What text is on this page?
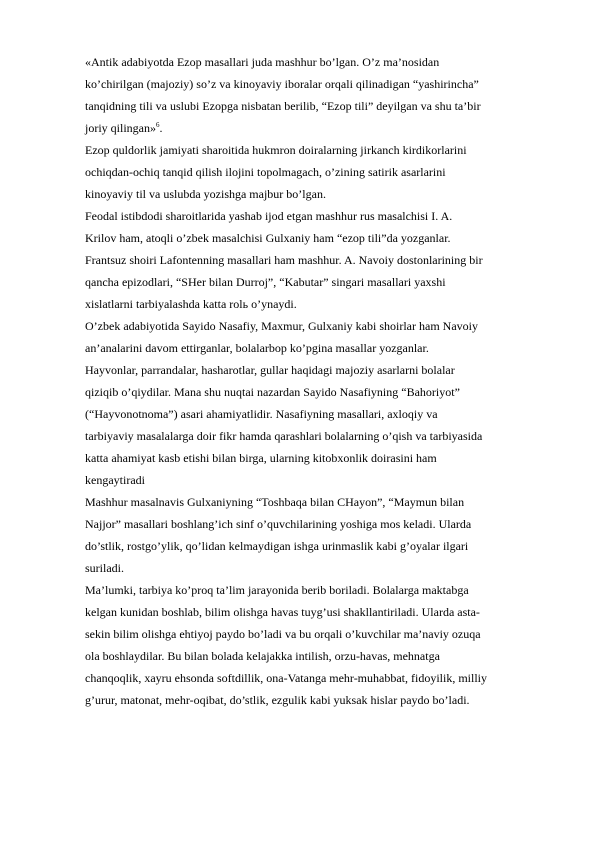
«Antik adabiyotda Ezop masallari juda mashhur bo’lgan. O’z ma’nosidan
ko’chirilgan (majoziy) so’z va kinoyaviy iboralar orqali qilinadigan “yashirincha”
tanqidning tili va uslubi Ezopga nisbatan berilib, “Ezop tili” deyilgan va shu ta’bir
joriy qilingan»$^6$.
Ezop quldorlik jamiyati sharoitida hukmron doiralarning jirkanch kirdikorlarini
ochiqdan-ochiq tanqid qilish ilojini topolmagach, o’zining satirik asarlarini
kinoyaviy til va uslubda yozishga majbur bo’lgan.
Feodal istibdodi sharoitlarida yashab ijod etgan mashhur rus masalchisi I. A.
Krilov ham, atoqli o’zbek masalchisi Gulxaniy ham “ezop tili”da yozganlar.
Frantsuz shoiri Lafontenning masallari ham mashhur. A. Navoiy dostonlarining bir
qancha epizodlari, “SHer bilan Durroj”, “Kabutar” singari masallari yaxshi
xislatlarni tarbiyalashda katta rolь o’ynaydi.
O’zbek adabiyotida Sayido Nasafiy, Maxmur, Gulxaniy kabi shoirlar ham Navoiy
an’analarini davom ettirganlar, bolalarbop ko’pgina masallar yozganlar.
Hayvonlar, parrandalar, hasharotlar, gullar haqidagi majoziy asarlarni bolalar
qiziqib o’qiydilar. Mana shu nuqtai nazardan Sayido Nasafiyning “Bahoriyot”
(“Hayvonotnoma”) asari ahamiyatlidir. Nasafiyning masallari, axloqiy va
tarbiyaviy masalalarga doir fikr hamda qarashlari bolalarning o’qish va tarbiyasida
katta ahamiyat kasb etishi bilan birga, ularning kitobxonlik doirasini ham
kengaytiradi
Mashhur masalnavis Gulxaniyning “Toshbaqa bilan CHayon”, “Maymun bilan
Najjor” masallari boshlang’ich sinf o’quvchilarining yoshiga mos keladi. Ularda
do’stlik, rostgo’ylik, qo’lidan kelmaydigan ishga urinmaslik kabi g’oyalar ilgari
suriladi.
Ma’lumki, tarbiya ko’proq ta’lim jarayonida berib boriladi. Bolalarga maktabga
kelgan kunidan boshlab, bilim olishga havas tuyg’usi shakllantiriladi. Ularda asta-
sekin bilim olishga ehtiyoj paydo bo’ladi va bu orqali o’kuvchilar ma’naviy ozuqa
ola boshlaydilar. Bu bilan bolada kelajakka intilish, orzu-havas, mehnatga
chanqoqlik, xayru ehsonda softdillik, ona-Vatanga mehr-muhabbat, fidoyilik, milliy
g’urur, matonat, mehr-oqibat, do’stlik, ezgulik kabi yuksak hislar paydo bo’ladi.
